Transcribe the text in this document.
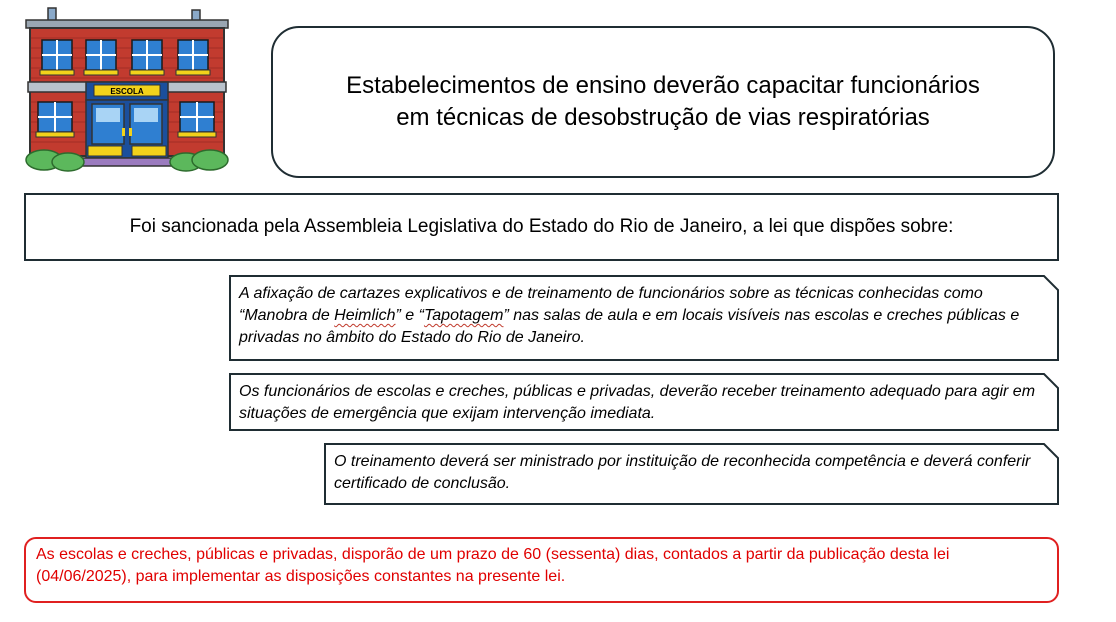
ESCOLA	Estabelecimentos de ensino deverão capacitar funcionários em técnicas de desobstrução de vias respiratórias
Foi sancionada pela Assembleia Legislativa do Estado do Rio de Janeiro, a lei que dispões sobre:
A afixação de cartazes explicativos e de treinamento de funcionários sobre as técnicas conhecidas como “Manobra de Heimlich” e “Tapotagem” nas salas de aula e em locais visíveis nas escolas e creches públicas e privadas no âmbito do Estado do Rio de Janeiro.
Os funcionários de escolas e creches, públicas e privadas, deverão receber treinamento adequado para agir em situações de emergência que exijam intervenção imediata.
O treinamento deverá ser ministrado por instituição de reconhecida competência e deverá conferir certificado de conclusão.
As escolas e creches, públicas e privadas, disporão de um prazo de 60 (sessenta) dias, contados a partir da publicação desta lei (04/06/2025), para implementar as disposições constantes na presente lei.
